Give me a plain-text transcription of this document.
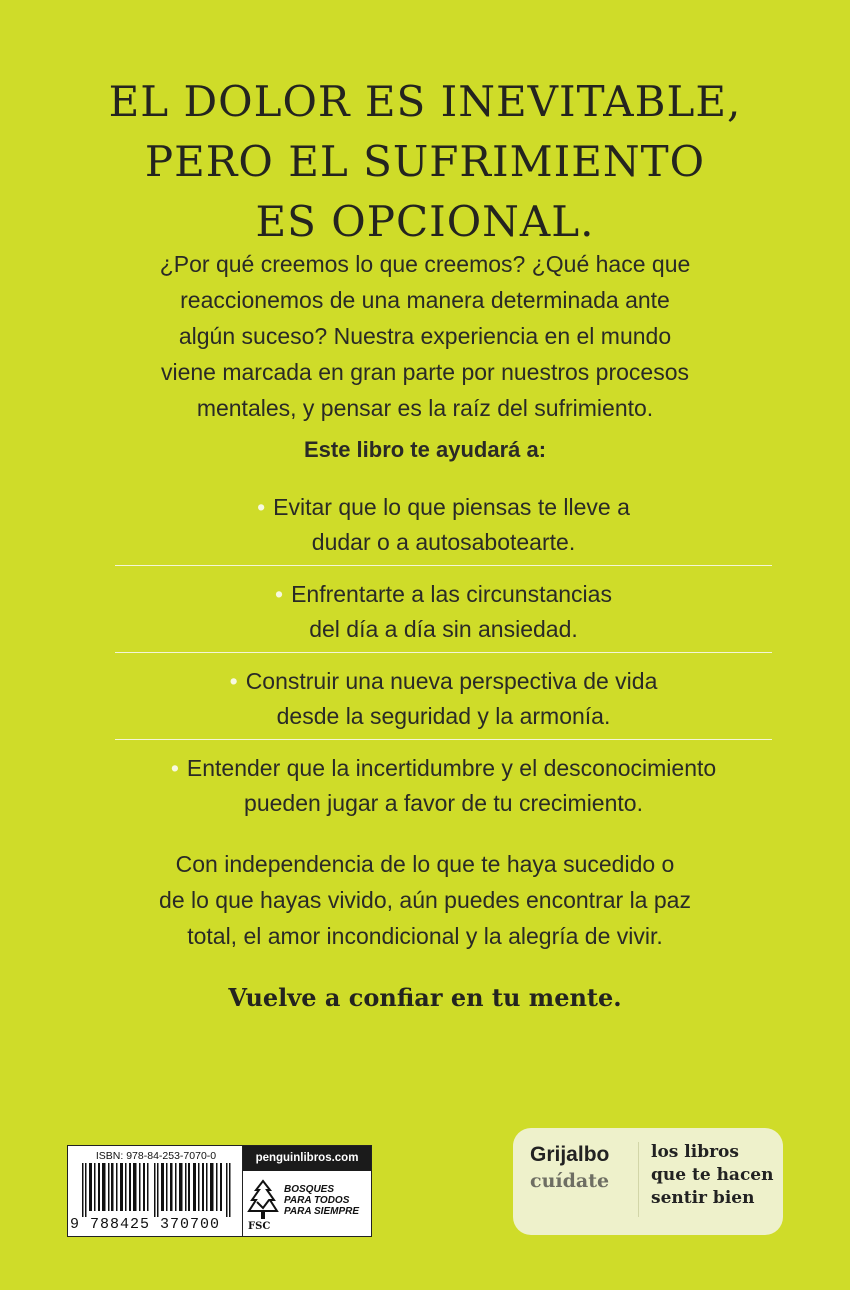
EL DOLOR ES INEVITABLE,
PERO EL SUFRIMIENTO
ES OPCIONAL.
¿Por qué creemos lo que creemos? ¿Qué hace que
reaccionemos de una manera determinada ante
algún suceso? Nuestra experiencia en el mundo
viene marcada en gran parte por nuestros procesos
mentales, y pensar es la raíz del sufrimiento.
Este libro te ayudará a:
• Evitar que lo que piensas te lleve a
dudar o a autosabotearte.
• Enfrentarte a las circunstancias
del día a día sin ansiedad.
• Construir una nueva perspectiva de vida
desde la seguridad y la armonía.
• Entender que la incertidumbre y el desconocimiento
pueden jugar a favor de tu crecimiento.
Con independencia de lo que te haya sucedido o
de lo que hayas vivido, aún puedes encontrar la paz
total, el amor incondicional y la alegría de vivir.
Vuelve a confiar en tu mente.
ISBN: 978-84-253-7070-0
9 788425 370700
penguinlibros.com
BOSQUES
PARA TODOS
PARA SIEMPRE
FSC
Grijalbo
cuídate
los libros
que te hacen
sentir bien
